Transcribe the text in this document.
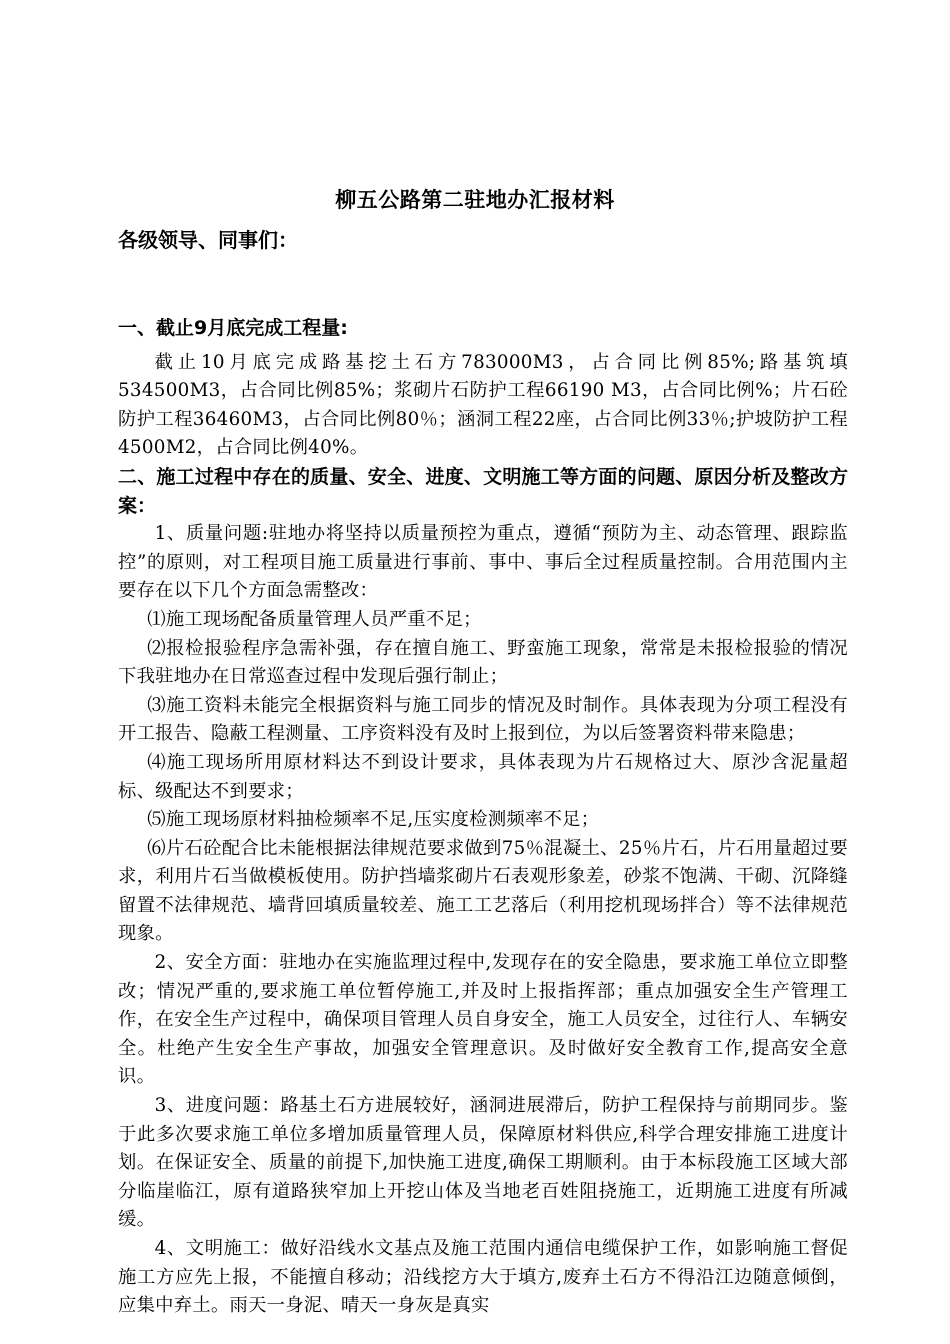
柳五公路第二驻地办汇报材料
各级领导、同事们：

一、截止9月底完成工程量:

截止10月底完成路基挖土石方783000M3，占合同比例85%;路基筑填534500M3，占合同比例85%；浆砌片石防护工程66190 M3，占合同比例%；片石砼防护工程36460M3，占合同比例80％；涵洞工程22座，占合同比例33％;护坡防护工程4500M2，占合同比例40%。

二、施工过程中存在的质量、安全、进度、文明施工等方面的问题、原因分析及整改方案：

1、质量问题:驻地办将坚持以质量预控为重点，遵循“预防为主、动态管理、跟踪监控”的原则，对工程项目施工质量进行事前、事中、事后全过程质量控制。合用范围内主要存在以下几个方面急需整改：

⑴施工现场配备质量管理人员严重不足；

⑵报检报验程序急需补强，存在擅自施工、野蛮施工现象，常常是未报检报验的情况下我驻地办在日常巡查过程中发现后强行制止；

⑶施工资料未能完全根据资料与施工同步的情况及时制作。具体表现为分项工程没有开工报告、隐蔽工程测量、工序资料没有及时上报到位，为以后签署资料带来隐患；

⑷施工现场所用原材料达不到设计要求，具体表现为片石规格过大、原沙含泥量超标、级配达不到要求；

⑸施工现场原材料抽检频率不足,压实度检测频率不足；

⑹片石砼配合比未能根据法律规范要求做到75％混凝土、25％片石，片石用量超过要求，利用片石当做模板使用。防护挡墙浆砌片石表观形象差，砂浆不饱满、干砌、沉降缝留置不法律规范、墙背回填质量较差、施工工艺落后（利用挖机现场拌合）等不法律规范现象。

2、安全方面：驻地办在实施监理过程中,发现存在的安全隐患，要求施工单位立即整改；情况严重的,要求施工单位暂停施工,并及时上报指挥部；重点加强安全生产管理工作，在安全生产过程中，确保项目管理人员自身安全，施工人员安全，过往行人、车辆安全。杜绝产生安全生产事故，加强安全管理意识。及时做好安全教育工作,提高安全意识。

3、进度问题：路基土石方进展较好，涵洞进展滞后，防护工程保持与前期同步。鉴于此多次要求施工单位多增加质量管理人员，保障原材料供应,科学合理安排施工进度计划。在保证安全、质量的前提下,加快施工进度,确保工期顺利。由于本标段施工区域大部分临崖临江，原有道路狭窄加上开挖山体及当地老百姓阻挠施工，近期施工进度有所减缓。

4、文明施工：做好沿线水文基点及施工范围内通信电缆保护工作，如影响施工督促施工方应先上报，不能擅自移动；沿线挖方大于填方,废弃土石方不得沿江边随意倾倒，应集中弃土。雨天一身泥、晴天一身灰是真实
